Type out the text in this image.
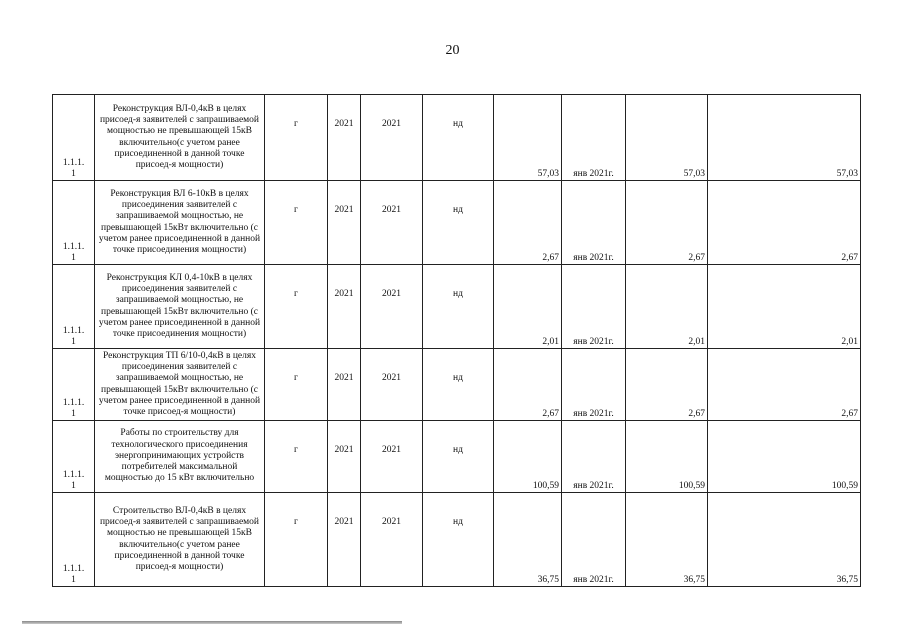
20
1.1.1.
1	Реконструкция ВЛ-0,4кВ в целях присоед-я заявителей с запрашиваемой мощностью не превышающей 15кВ включительно(с учетом ранее присоединенной в данной точке присоед-я мощности)	г	2021	2021	нд	57,03	янв 2021г.	57,03	57,03
1.1.1.
1	Реконструкция ВЛ 6-10кВ в целях присоединения заявителей с запрашиваемой мощностью, не превышающей 15кВт включительно (с учетом ранее присоединенной в данной точке присоединения мощности)	г	2021	2021	нд	2,67	янв 2021г.	2,67	2,67
1.1.1.
1	Реконструкция КЛ 0,4-10кВ в целях присоединения заявителей с запрашиваемой мощностью, не превышающей 15кВт включительно (с учетом ранее присоединенной в данной точке присоединения мощности)	г	2021	2021	нд	2,01	янв 2021г.	2,01	2,01
1.1.1.
1	Реконструкция ТП 6/10-0,4кВ в целях присоединения заявителей с запрашиваемой мощностью, не превышающей 15кВт включительно (с учетом ранее присоединенной в данной точке присоед-я мощности)	г	2021	2021	нд	2,67	янв 2021г.	2,67	2,67
1.1.1.
1	Работы по строительству для технологического присоединения энергопринимающих устройств потребителей максимальной мощностью до 15 кВт включительно	г	2021	2021	нд	100,59	янв 2021г.	100,59	100,59
1.1.1.
1	Строительство ВЛ-0,4кВ в целях присоед-я заявителей с запрашиваемой мощностью не превышающей 15кВ включительно(с учетом ранее присоединенной в данной точке присоед-я мощности)	г	2021	2021	нд	36,75	янв 2021г.	36,75	36,75
